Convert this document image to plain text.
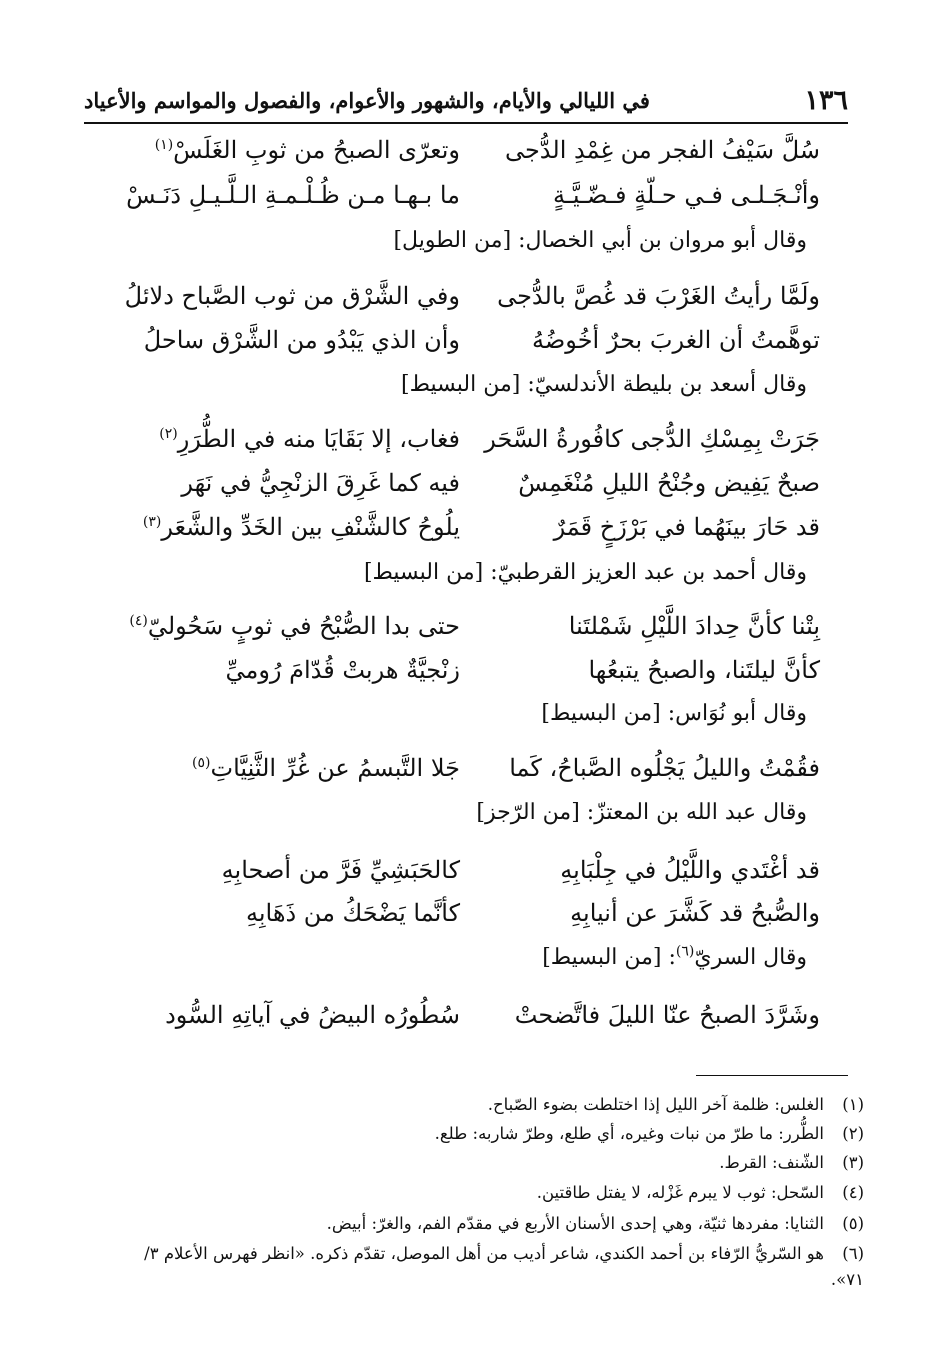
١٣٦
في الليالي والأيام، والشهور والأعوام، والفصول والمواسم والأعياد
سُلَّ سَيْفُ الفجر من غِمْدِ الدُّجى
وتعرّى الصبحُ من ثوبِ الغَلَسْ$^{(١)}$
وأنْـجَـلـى فـي حـلّةٍ فـضّـيَّـةٍ
ما بـهـا مـن ظُـلْـمـةِ الـلَّـيـلِ دَنَـسْ
وقال أبو مروان بن أبي الخصال: [من الطويل]
ولَمَّا رأيتُ الغَرْبَ قد غُصَّ بالدُّجى
وفي الشَّرْق من ثوب الصَّباح دلائلُ
توهَّمتُ أن الغربَ بحرٌ أخُوضُهُ
وأن الذي يَبْدُو من الشَّرْق ساحلُ
وقال أسعد بن بليطة الأندلسيّ: [من البسيط]
جَرَتْ بِمِسْكِ الدُّجى كافُورةُ السَّحَر
فغاب، إلا بَقَايَا منه في الطُّرَرِ$^{(٢)}$
صبحٌ يَفِيض وجُنْحُ الليلِ مُنْغَمِسٌ
فيه كما غَرِقَ الزنْجِيُّ في نَهَر
قد حَارَ بينَهُما في بَرْزَخٍ قَمَرٌ
يلُوحُ كالشَّنْفِ بين الخَدِّ والشَّعَر$^{(٣)}$
وقال أحمد بن عبد العزيز القرطبيّ: [من البسيط]
بِتْنا كأنَّ حِدادَ اللَّيْلِ شَمْلتَنا
حتى بدا الصُّبْحُ في ثوبٍ سَحُوليّ$^{(٤)}$
كأنَّ ليلتَنا، والصبحُ يتبعُها
زنْجيَّةٌ هربتْ قُدّامَ رُوميِّ
وقال أبو نُوَاس: [من البسيط]
فقُمْتُ والليلُ يَجْلُوه الصَّباحُ، كَما
جَلا التَّبسمُ عن غُرِّ الثَّنِيَّاتِ$^{(٥)}$
وقال عبد الله بن المعتزّ: [من الرّجز]
قد أغْتَدي واللَّيْلُ في جِلْبَابِهِ
كالحَبَشِيِّ فَرَّ من أصحابِهِ
والصُّبحُ قد كَشَّرَ عن أنيابِهِ
كأنَّما يَضْحَكُ من ذَهَابِهِ
وقال السريّ$^{(٦)}$: [من البسيط]
وشَرَّدَ الصبحُ عنّا الليلَ فاتَّضحتْ
سُطُورُه البيضُ في آياتِهِ السُّود
(١)الغلس: ظلمة آخر الليل إذا اختلطت بضوء الصّباح.
(٢)الطُّرر: ما طرّ من نبات وغيره، أي طلع، وطرّ شاربه: طلع.
(٣)الشّنف: القرط.
(٤)السّحل: ثوب لا يبرم غَزْله، لا يفتل طاقتين.
(٥)الثنايا: مفردها ثنيّة، وهي إحدى الأسنان الأربع في مقدّم الفم، والغرّ: أبيض.
(٦)هو السّريُّ الرّفاء بن أحمد الكندي، شاعر أديب من أهل الموصل، تقدّم ذكره. «انظر فهرس الأعلام ٣/ ٧١».
